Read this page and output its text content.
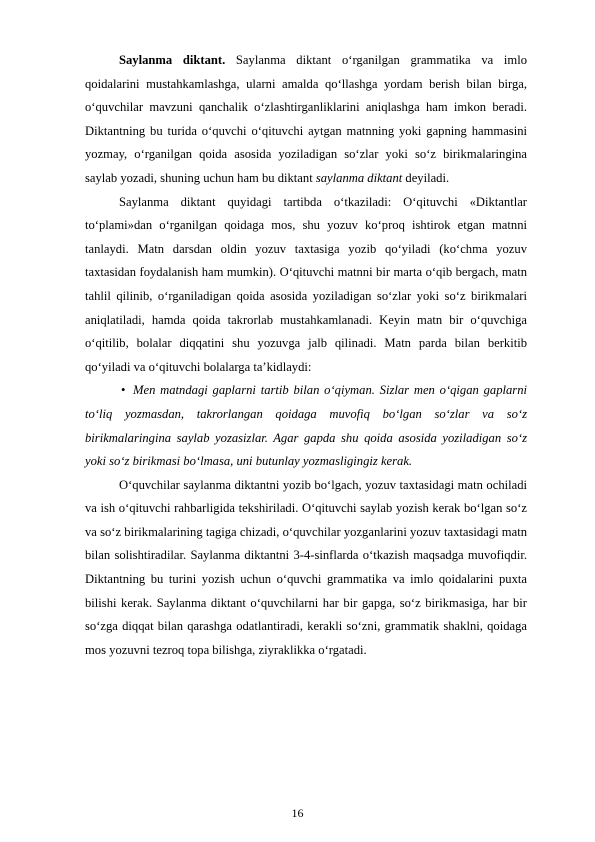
Saylanma diktant. Saylanma diktant o‘rganilgan grammatika va imlo qoidalarini mustahkamlashga, ularni amalda qo‘llashga yordam berish bilan birga, o‘quvchilar mavzuni qanchalik o‘zlashtirganliklarini aniqlashga ham imkon beradi. Diktantning bu turida o‘quvchi o‘qituvchi aytgan matnning yoki gapning hammasini yozmay, o‘rganilgan qoida asosida yoziladigan so‘zlar yoki so‘z birikmalaringina saylab yozadi, shuning uchun ham bu diktant saylanma diktant deyiladi.

Saylanma diktant quyidagi tartibda o‘tkaziladi: O‘qituvchi «Diktantlar to‘plami»dan o‘rganilgan qoidaga mos, shu yozuv ko‘proq ishtirok etgan matnni tanlaydi. Matn darsdan oldin yozuv taxtasiga yozib qo‘yiladi (ko‘chma yozuv taxtasidan foydalanish ham mumkin). O‘qituvchi matnni bir marta o‘qib bergach, matn tahlil qilinib, o‘rganiladigan qoida asosida yoziladigan so‘zlar yoki so‘z birikmalari aniqlatiladi, hamda qoida takrorlab mustahkamlanadi. Keyin matn bir o‘quvchiga o‘qitilib, bolalar diqqatini shu yozuvga jalb qilinadi. Matn parda bilan berkitib qo‘yiladi va o‘qituvchi bolalarga ta’kidlaydi:

• Men matndagi gaplarni tartib bilan o‘qiyman. Sizlar men o‘qigan gaplarni to‘liq yozmasdan, takrorlangan qoidaga muvofiq bo‘lgan so‘zlar va so‘z birikmalaringina saylab yozasizlar. Agar gapda shu qoida asosida yoziladigan so‘z yoki so‘z birikmasi bo‘lmasa, uni butunlay yozmasligingiz kerak.

O‘quvchilar saylanma diktantni yozib bo‘lgach, yozuv taxtasidagi matn ochiladi va ish o‘qituvchi rahbarligida tekshiriladi. O‘qituvchi saylab yozish kerak bo‘lgan so‘z va so‘z birikmalarining tagiga chizadi, o‘quvchilar yozganlarini yozuv taxtasidagi matn bilan solishtiradilar. Saylanma diktantni 3-4-sinflarda o‘tkazish maqsadga muvofiqdir. Diktantning bu turini yozish uchun o‘quvchi grammatika va imlo qoidalarini puxta bilishi kerak. Saylanma diktant o‘quvchilarni har bir gapga, so‘z birikmasiga, har bir so‘zga diqqat bilan qarashga odatlantiradi, kerakli so‘zni, grammatik shaklni, qoidaga mos yozuvni tezroq topa bilishga, ziyraklikka o‘rgatadi.

16
